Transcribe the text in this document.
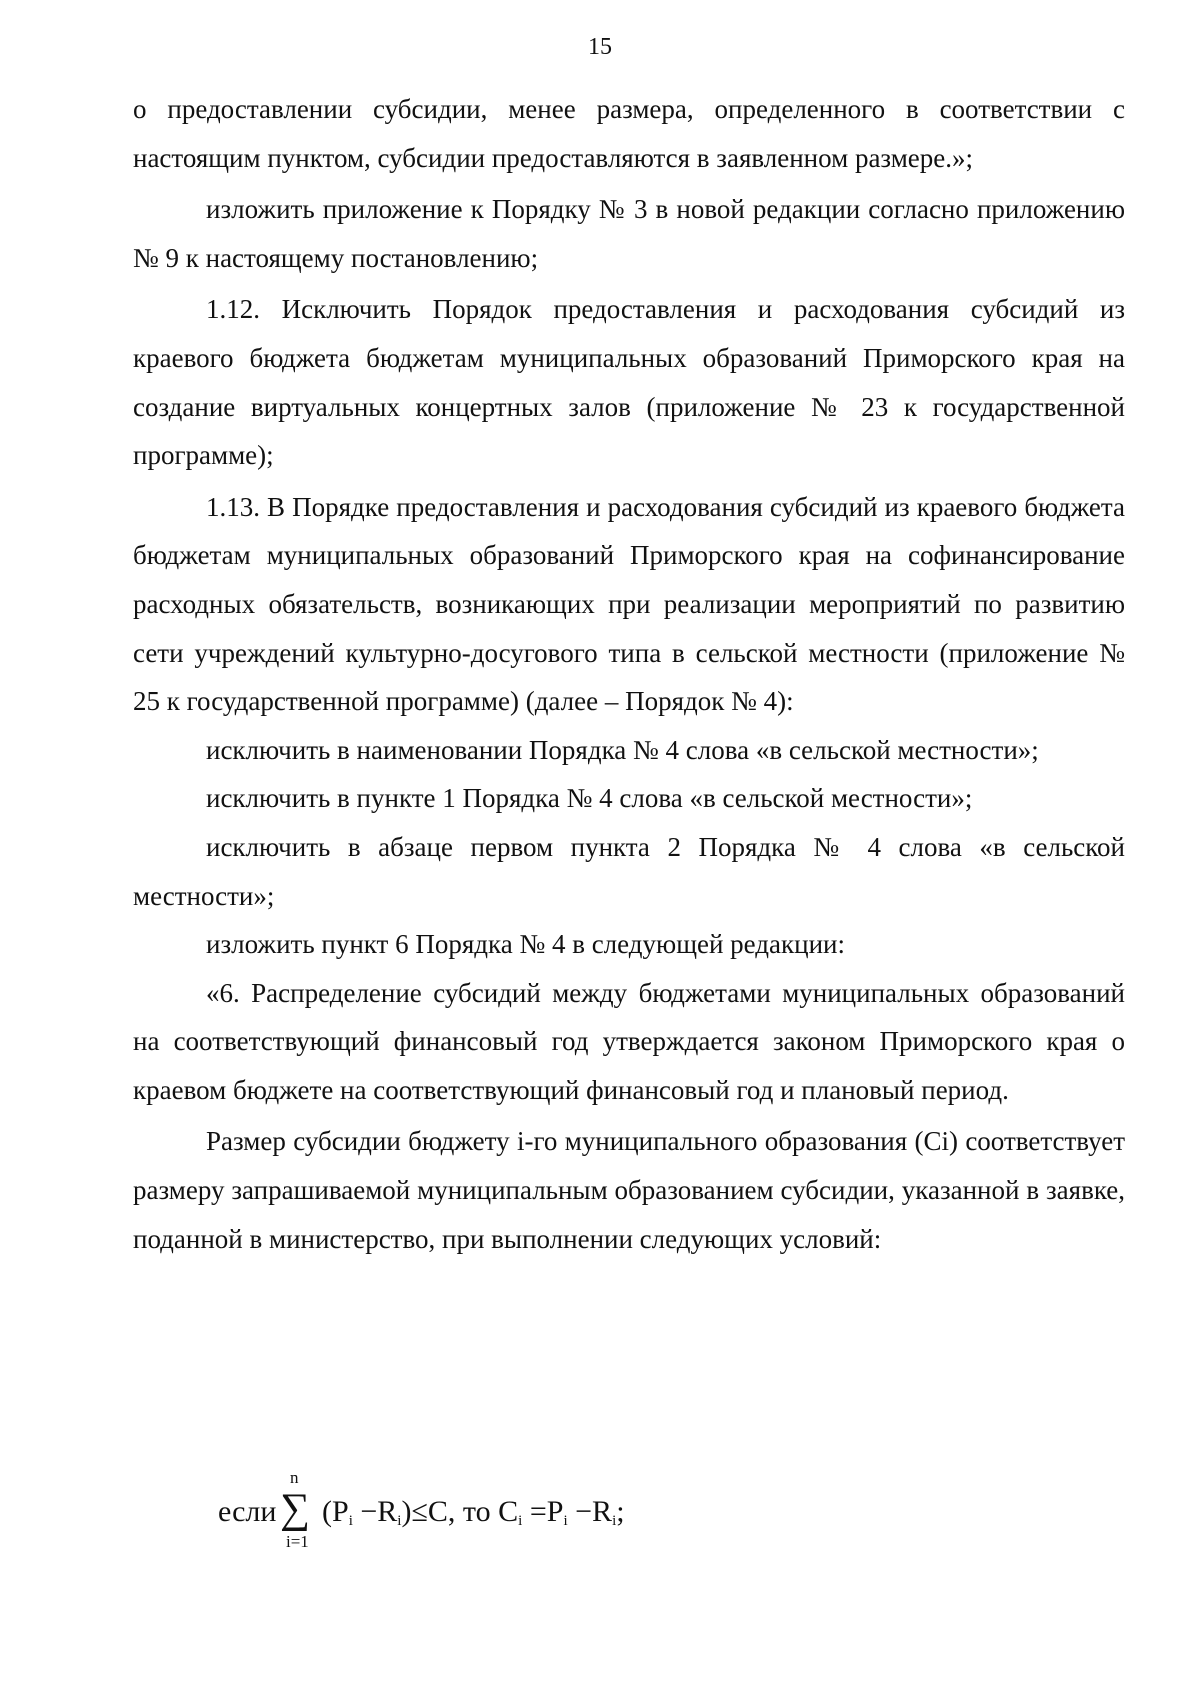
15

о предоставлении субсидии, менее размера, определенного в соответствии с настоящим пунктом, субсидии предоставляются в заявленном размере.»;

изложить приложение к Порядку № 3 в новой редакции согласно приложению № 9 к настоящему постановлению;

1.12. Исключить Порядок предоставления и расходования субсидий из краевого бюджета бюджетам муниципальных образований Приморского края на создание виртуальных концертных залов (приложение № 23 к государственной программе);

1.13. В Порядке предоставления и расходования субсидий из краевого бюджета бюджетам муниципальных образований Приморского края на софинансирование расходных обязательств, возникающих при реализации мероприятий по развитию сети учреждений культурно-досугового типа в сельской местности (приложение № 25 к государственной программе) (далее – Порядок № 4):

исключить в наименовании Порядка № 4 слова «в сельской местности»;

исключить в пункте 1 Порядка № 4 слова «в сельской местности»;

исключить в абзаце первом пункта 2 Порядка № 4 слова «в сельской местности»;

изложить пункт 6 Порядка № 4 в следующей редакции:

«6. Распределение субсидий между бюджетами муниципальных образований на соответствующий финансовый год утверждается законом Приморского края о краевом бюджете на соответствующий финансовый год и плановый период.

Размер субсидии бюджету i-го муниципального образования (Ci) соответствует размеру запрашиваемой муниципальным образованием субсидии, указанной в заявке, поданной в министерство, при выполнении следующих условий:

если
n
∑
i=1
$(P_i -R_i)\le C$, то $C_i =P_i -R_i$;
